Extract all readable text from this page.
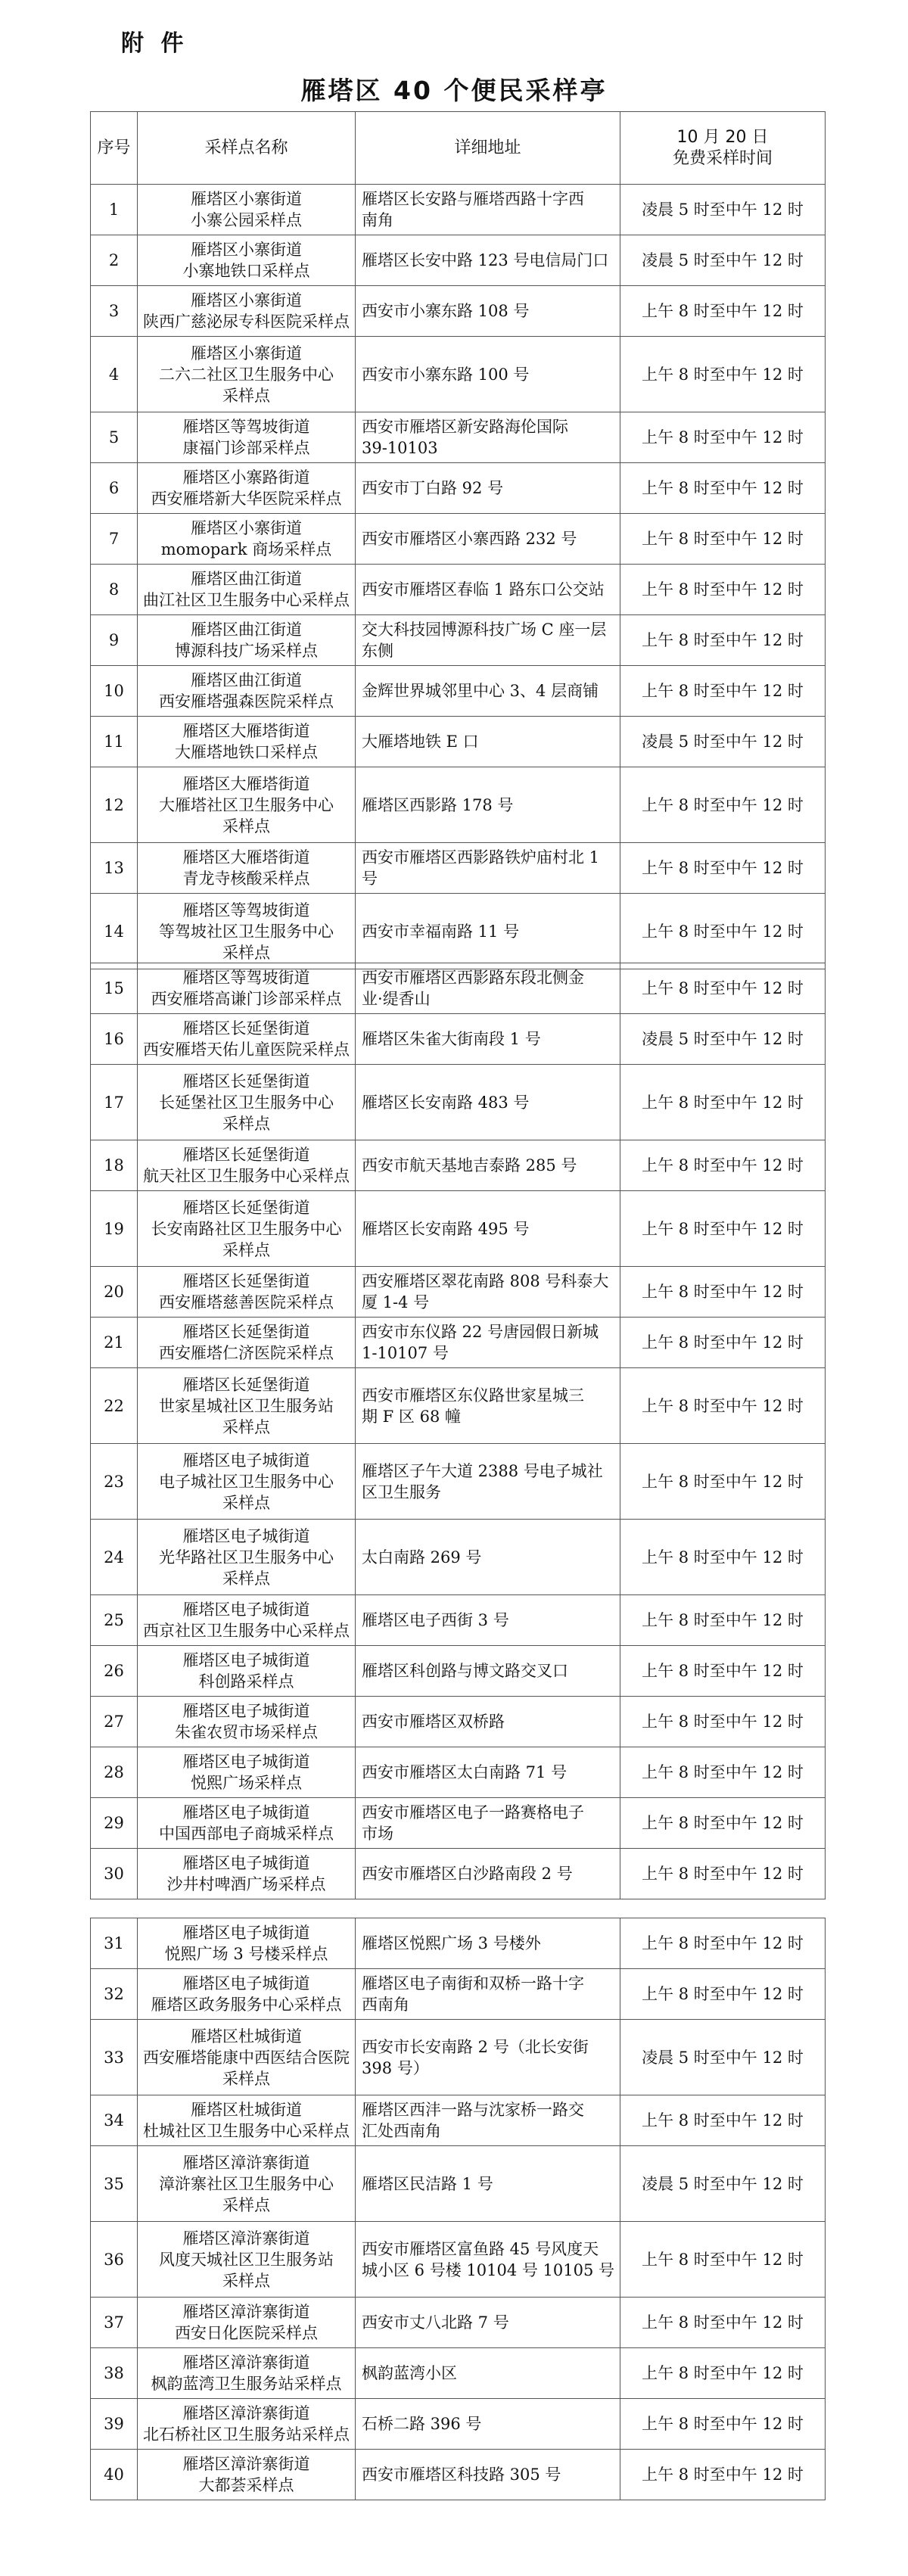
附 件
雁塔区 40 个便民采样亭
序号	采样点名称	详细地址	10 月 20 日
免费采样时间

1	雁塔区小寨街道
小寨公园采样点	雁塔区长安路与雁塔西路十字西
南角	凌晨 5 时至中午 12 时
2	雁塔区小寨街道
小寨地铁口采样点	雁塔区长安中路 123 号电信局门口	凌晨 5 时至中午 12 时
3	雁塔区小寨街道
陕西广慈泌尿专科医院采样点	西安市小寨东路 108 号	上午 8 时至中午 12 时
4	雁塔区小寨街道
二六二社区卫生服务中心
采样点	西安市小寨东路 100 号	上午 8 时至中午 12 时
5	雁塔区等驾坡街道
康福门诊部采样点	西安市雁塔区新安路海伦国际
39-10103	上午 8 时至中午 12 时
6	雁塔区小寨路街道
西安雁塔新大华医院采样点	西安市丁白路 92 号	上午 8 时至中午 12 时
7	雁塔区小寨街道
momopark 商场采样点	西安市雁塔区小寨西路 232 号	上午 8 时至中午 12 时
8	雁塔区曲江街道
曲江社区卫生服务中心采样点	西安市雁塔区春临 1 路东口公交站	上午 8 时至中午 12 时
9	雁塔区曲江街道
博源科技广场采样点	交大科技园博源科技广场 C 座一层
东侧	上午 8 时至中午 12 时
10	雁塔区曲江街道
西安雁塔强森医院采样点	金辉世界城邻里中心 3、4 层商铺	上午 8 时至中午 12 时
11	雁塔区大雁塔街道
大雁塔地铁口采样点	大雁塔地铁 E 口	凌晨 5 时至中午 12 时
12	雁塔区大雁塔街道
大雁塔社区卫生服务中心
采样点	雁塔区西影路 178 号	上午 8 时至中午 12 时
13	雁塔区大雁塔街道
青龙寺核酸采样点	西安市雁塔区西影路铁炉庙村北 1
号	上午 8 时至中午 12 时
14	雁塔区等驾坡街道
等驾坡社区卫生服务中心
采样点	西安市幸福南路 11 号	上午 8 时至中午 12 时
15	雁塔区等驾坡街道
西安雁塔高谦门诊部采样点	西安市雁塔区西影路东段北侧金
业·缇香山	上午 8 时至中午 12 时
16	雁塔区长延堡街道
西安雁塔天佑儿童医院采样点	雁塔区朱雀大街南段 1 号	凌晨 5 时至中午 12 时
17	雁塔区长延堡街道
长延堡社区卫生服务中心
采样点	雁塔区长安南路 483 号	上午 8 时至中午 12 时
18	雁塔区长延堡街道
航天社区卫生服务中心采样点	西安市航天基地吉泰路 285 号	上午 8 时至中午 12 时
19	雁塔区长延堡街道
长安南路社区卫生服务中心
采样点	雁塔区长安南路 495 号	上午 8 时至中午 12 时
20	雁塔区长延堡街道
西安雁塔慈善医院采样点	西安雁塔区翠花南路 808 号科泰大
厦 1-4 号	上午 8 时至中午 12 时
21	雁塔区长延堡街道
西安雁塔仁济医院采样点	西安市东仪路 22 号唐园假日新城
1-10107 号	上午 8 时至中午 12 时
22	雁塔区长延堡街道
世家星城社区卫生服务站
采样点	西安市雁塔区东仪路世家星城三
期 F 区 68 幢	上午 8 时至中午 12 时
23	雁塔区电子城街道
电子城社区卫生服务中心
采样点	雁塔区子午大道 2388 号电子城社
区卫生服务	上午 8 时至中午 12 时
24	雁塔区电子城街道
光华路社区卫生服务中心
采样点	太白南路 269 号	上午 8 时至中午 12 时
25	雁塔区电子城街道
西京社区卫生服务中心采样点	雁塔区电子西街 3 号	上午 8 时至中午 12 时
26	雁塔区电子城街道
科创路采样点	雁塔区科创路与博文路交叉口	上午 8 时至中午 12 时
27	雁塔区电子城街道
朱雀农贸市场采样点	西安市雁塔区双桥路	上午 8 时至中午 12 时
28	雁塔区电子城街道
悦熙广场采样点	西安市雁塔区太白南路 71 号	上午 8 时至中午 12 时
29	雁塔区电子城街道
中国西部电子商城采样点	西安市雁塔区电子一路赛格电子
市场	上午 8 时至中午 12 时
30	雁塔区电子城街道
沙井村啤酒广场采样点	西安市雁塔区白沙路南段 2 号	上午 8 时至中午 12 时
31	雁塔区电子城街道
悦熙广场 3 号楼采样点	雁塔区悦熙广场 3 号楼外	上午 8 时至中午 12 时
32	雁塔区电子城街道
雁塔区政务服务中心采样点	雁塔区电子南街和双桥一路十字
西南角	上午 8 时至中午 12 时
33	雁塔区杜城街道
西安雁塔能康中西医结合医院
采样点	西安市长安南路 2 号（北长安街
398 号）	凌晨 5 时至中午 12 时
34	雁塔区杜城街道
杜城社区卫生服务中心采样点	雁塔区西沣一路与沈家桥一路交
汇处西南角	上午 8 时至中午 12 时
35	雁塔区漳浒寨街道
漳浒寨社区卫生服务中心
采样点	雁塔区民洁路 1 号	凌晨 5 时至中午 12 时
36	雁塔区漳浒寨街道
风度天城社区卫生服务站
采样点	西安市雁塔区富鱼路 45 号风度天
城小区 6 号楼 10104 号 10105 号	上午 8 时至中午 12 时
37	雁塔区漳浒寨街道
西安日化医院采样点	西安市丈八北路 7 号	上午 8 时至中午 12 时
38	雁塔区漳浒寨街道
枫韵蓝湾卫生服务站采样点	枫韵蓝湾小区	上午 8 时至中午 12 时
39	雁塔区漳浒寨街道
北石桥社区卫生服务站采样点	石桥二路 396 号	上午 8 时至中午 12 时
40	雁塔区漳浒寨街道
大都荟采样点	西安市雁塔区科技路 305 号	上午 8 时至中午 12 时
